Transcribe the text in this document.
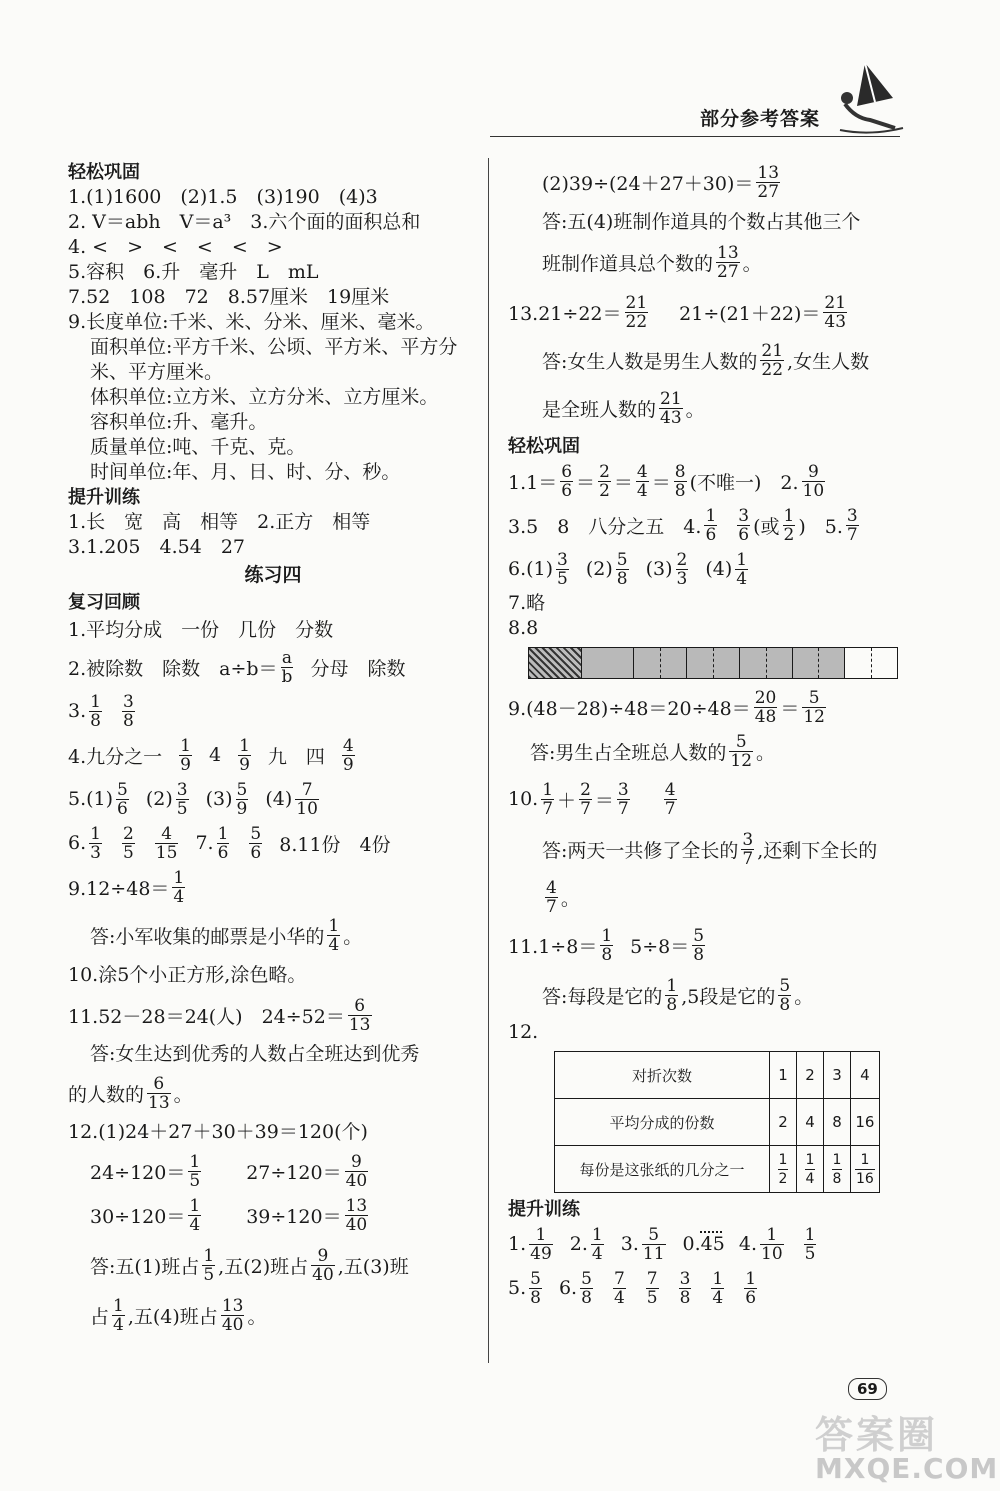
部分参考答案
轻松巩固
1.(1)1600　(2)1.5　(3)190　(4)3
2. V＝abh　V＝a³　3.六个面的面积总和
4. <　>　<　<　<　>
5.容积　6.升　毫升　L　mL
7.52　108　72　8.57厘米　19厘米
9.长度单位:千米、米、分米、厘米、毫米。
面积单位:平方千米、公顷、平方米、平方分
米、平方厘米。
体积单位:立方米、立方分米、立方厘米。
容积单位:升、毫升。
质量单位:吨、千克、克。
时间单位:年、月、日、时、分、秒。
提升训练
1.长　宽　高　相等　2.正方　相等
3.1.205　4.54　27
练习四
复习回顾
1.平均分成　一份　几份　分数
2.被除数　除数　$a\div b= \frac{a}{b}$ 分母　除数
3. $\frac{1}{8} \frac{3}{8}$
4.九分之一 $\frac{1}{9} 4 \frac{1}{9}$ 九　四 $\frac{4}{9}$
$5.(1) \frac{5}{6} (2) \frac{3}{5} (3) \frac{5}{9} (4) \frac{7}{10}$
6. $\frac{1}{3} \frac{2}{5} \frac{4}{15} 7$. $\frac{1}{6} \frac{5}{6} 8.11$份　4份
$9.12\div 48= \frac{1}{4}$
答:小军收集的邮票是小华的 $\frac{1}{4}$ 。
10.涂5个小正方形,涂色略。
11.52－28＝24(人)　$24\div 52= \frac{6}{13}$
答:女生达到优秀的人数占全班达到优秀
的人数的 $\frac{6}{13}$ 。
12.(1)24＋27＋30＋39＝120(个)
$24\div 120= \frac{1}{5} 27\div 120= \frac{9}{40}$
$30\div 120= \frac{1}{4} 39\div 120= \frac{13}{40}$
答:五(1)班占 $\frac{1}{5}$ ,五(2)班占 $\frac{9}{40}$ ,五(3)班
占 $\frac{1}{4}$ ,五(4)班占 $\frac{13}{40}$ 。
$(2)39\div(24+27+30)= \frac{13}{27}$
答:五(4)班制作道具的个数占其他三个
班制作道具总个数的 $\frac{13}{27}$ 。
$13.21\div 22= \frac{21}{22} 21\div(21+22)= \frac{21}{43}$
答:女生人数是男生人数的 $\frac{21}{22}$ ,女生人数
是全班人数的 $\frac{21}{43}$ 。
轻松巩固
$1.1= \frac{6}{6} = \frac{2}{2} = \frac{4}{4} = \frac{8}{8}$ (不唯一)　2. $\frac{9}{10}$
3.5　8　八分之五　4. $\frac{1}{6} \frac{3}{6}$ (或 $\frac{1}{2}$ )　5. $\frac{3}{7}$
$6.(1) \frac{3}{5} (2) \frac{5}{8} (3) \frac{2}{3} (4) \frac{1}{4}$
7.略
8.8
$9.(48-28)\div 48=20\div 48= \frac{20}{48} = \frac{5}{12}$
答:男生占全班总人数的 $\frac{5}{12}$ 。
10. $\frac{1}{7} + \frac{2}{7} = \frac{3}{7} \frac{4}{7}$
答:两天一共修了全长的 $\frac{3}{7}$ ,还剩下全长的
$\frac{4}{7}$ 。
$11.1\div 8= \frac{1}{8} 5\div 8= \frac{5}{8}$
答:每段是它的 $\frac{1}{8} ,5$段是它的 $\frac{5}{8}$ 。
12.
对折次数	1	2	3	4
平均分成的份数	2	4	8	16
每份是这张纸的几分之一	$\frac{1}{2}$	$\frac{1}{4}$	$\frac{1}{8}$	$\frac{1}{16}$
提升训练
1. $\frac{1}{49} 2$. $\frac{1}{4} 3$. $\frac{5}{11} 0$. 45 4. $\frac{1}{10} \frac{1}{5}$
5. $\frac{5}{8} 6$. $\frac{5}{8} \frac{7}{4} \frac{7}{5} \frac{3}{8} \frac{1}{4} \frac{1}{6}$
69
答案圈
MXQE.COM
